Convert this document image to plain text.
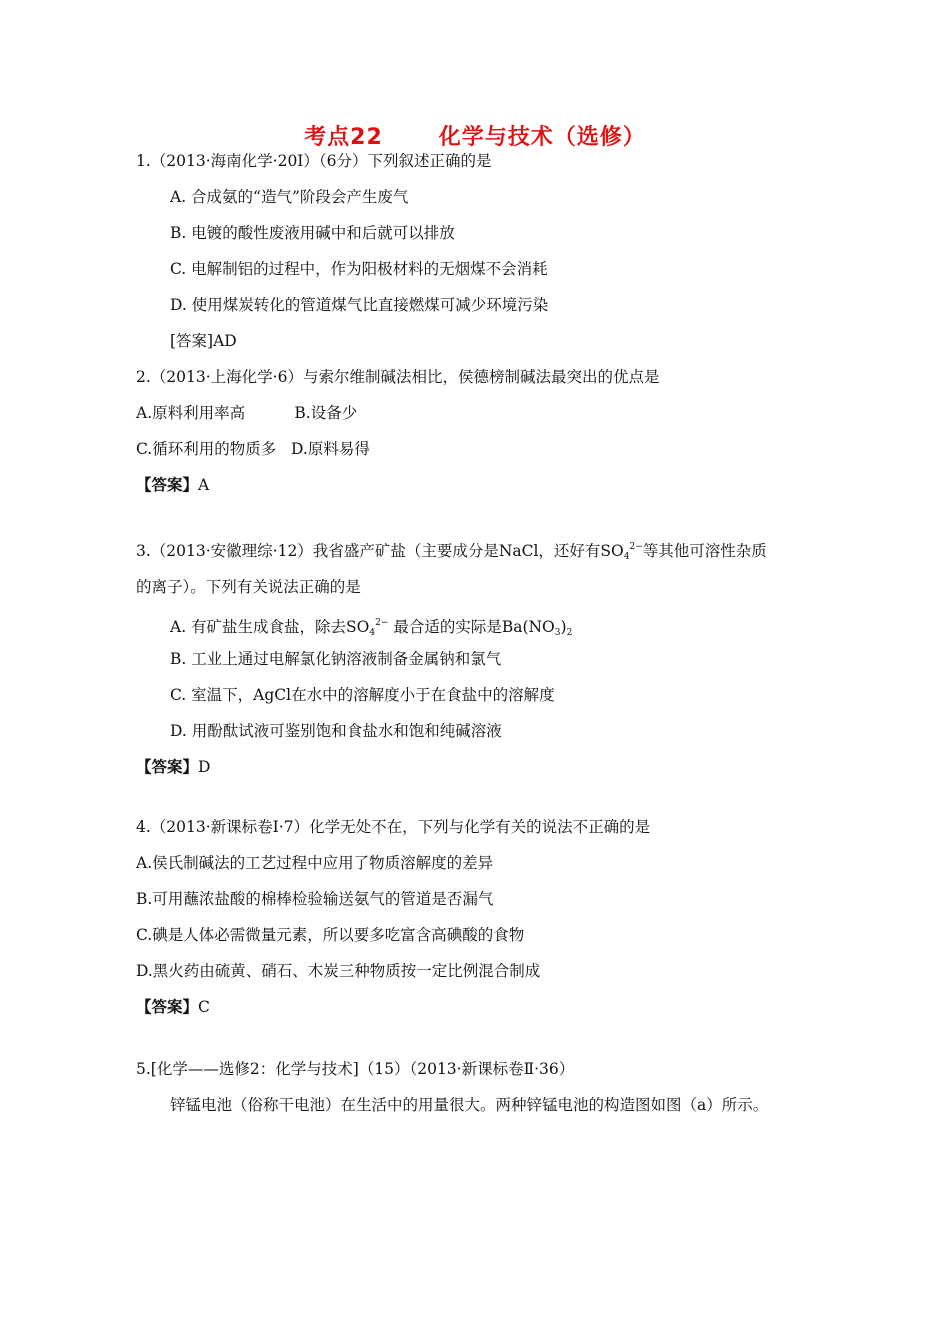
考点22	化学与技术（选修）
1.（2013·海南化学·20I）（6分）下列叙述正确的是
A. 合成氨的“造气”阶段会产生废气
B. 电镀的酸性废液用碱中和后就可以排放
C. 电解制铝的过程中，作为阳极材料的无烟煤不会消耗
D. 使用煤炭转化的管道煤气比直接燃煤可减少环境污染
[答案]AD
2.（2013·上海化学·6）与索尔维制碱法相比，侯德榜制碱法最突出的优点是
A.原料利用率高          B.设备少
C.循环利用的物质多   D.原料易得
【答案】A
3.（2013·安徽理综·12）我省盛产矿盐（主要成分是NaCl，还好有$SO_4^{2-}$等其他可溶性杂质
的离子）。下列有关说法正确的是
A. 有矿盐生成食盐，除去$SO_4^{2-}$ 最合适的实际是$Ba(NO_3)_2$
B. 工业上通过电解氯化钠溶液制备金属钠和氯气
C. 室温下，AgCl在水中的溶解度小于在食盐中的溶解度
D. 用酚酞试液可鉴别饱和食盐水和饱和纯碱溶液
【答案】D
4.（2013·新课标卷Ⅰ·7）化学无处不在，下列与化学有关的说法不正确的是
A.侯氏制碱法的工艺过程中应用了物质溶解度的差异
B.可用蘸浓盐酸的棉棒检验输送氨气的管道是否漏气
C.碘是人体必需微量元素，所以要多吃富含高碘酸的食物
D.黑火药由硫黄、硝石、木炭三种物质按一定比例混合制成
【答案】C
5.[化学——选修2：化学与技术]（15）（2013·新课标卷Ⅱ·36）
锌锰电池（俗称干电池）在生活中的用量很大。两种锌锰电池的构造图如图（a）所示。
